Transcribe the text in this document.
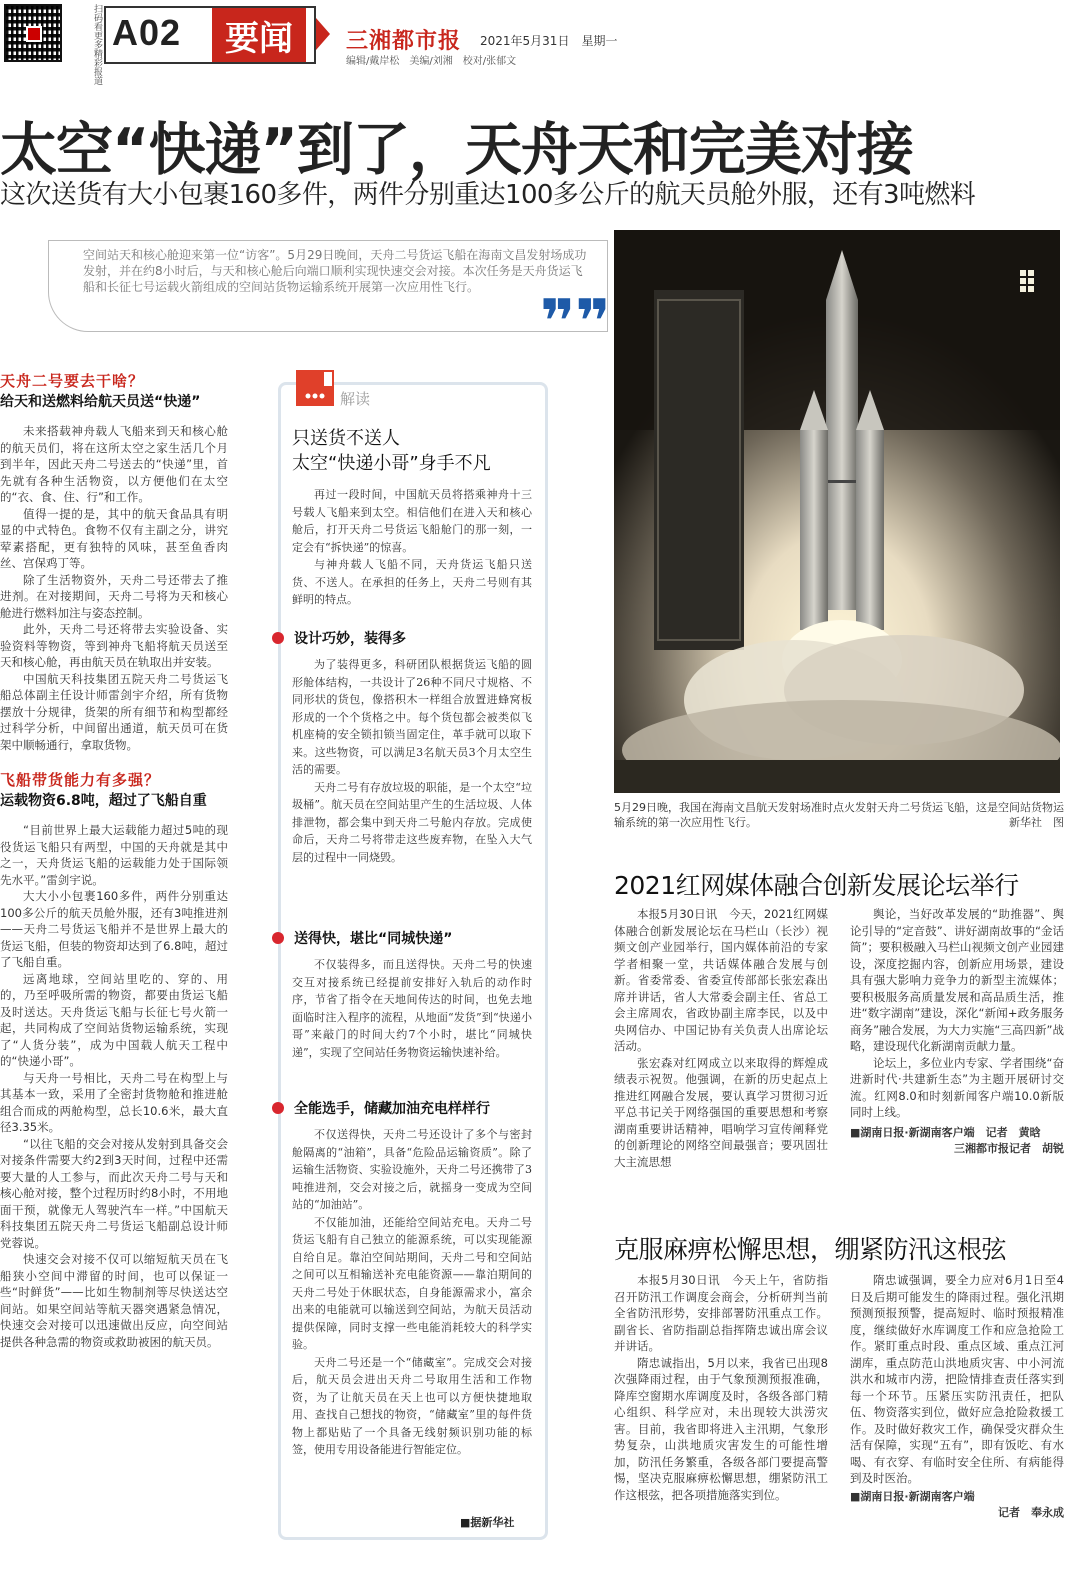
扫码看更多精彩报道 A02	要闻	三湘都市报 2021年5月31日　星期一
编辑/戴岸松　美编/刘湘　校对/张郁文
太空“快递”到了，天舟天和完美对接
这次送货有大小包裹160多件，两件分别重达100多公斤的航天员舱外服，还有3吨燃料
空间站天和核心舱迎来第一位“访客”。5月29日晚间，天舟二号货运飞船在海南文昌发射场成功发射，并在约8小时后，与天和核心舱后向端口顺利实现快速交会对接。本次任务是天舟货运飞船和长征七号运载火箭组成的空间站货物运输系统开展第一次应用性飞行。	❞❞
5月29日晚，我国在海南文昌航天发射场准时点火发射天舟二号货运飞船，这是空间站货物运输系统的第一次应用性飞行。	新华社　图
天舟二号要去干啥？
给天和送燃料给航天员送“快递”

未来搭载神舟载人飞船来到天和核心舱的航天员们，将在这所太空之家生活几个月到半年，因此天舟二号送去的“快递”里，首先就有各种生活物资，以方便他们在太空的“衣、食、住、行”和工作。

值得一提的是，其中的航天食品具有明显的中式特色。食物不仅有主副之分，讲究荤素搭配，更有独特的风味，甚至鱼香肉丝、宫保鸡丁等。

除了生活物资外，天舟二号还带去了推进剂。在对接期间，天舟二号将为天和核心舱进行燃料加注与姿态控制。

此外，天舟二号还将带去实验设备、实验资料等物资，等到神舟飞船将航天员送至天和核心舱，再由航天员在轨取出并安装。

中国航天科技集团五院天舟二号货运飞船总体副主任设计师雷剑宇介绍，所有货物摆放十分规律，货架的所有细节和构型都经过科学分析，中间留出通道，航天员可在货架中顺畅通行，拿取货物。

飞船带货能力有多强？
运载物资6.8吨，超过了飞船自重

“目前世界上最大运载能力超过5吨的现役货运飞船只有两型，中国的天舟就是其中之一，天舟货运飞船的运载能力处于国际领先水平。”雷剑宇说。

大大小小包裹160多件，两件分别重达100多公斤的航天员舱外服，还有3吨推进剂——天舟二号货运飞船并不是世界上最大的货运飞船，但装的物资却达到了6.8吨，超过了飞船自重。

远离地球，空间站里吃的、穿的、用的，乃至呼吸所需的物资，都要由货运飞船及时送达。天舟货运飞船与长征七号火箭一起，共同构成了空间站货物运输系统，实现了“人货分装”，成为中国载人航天工程中的“快递小哥”。

与天舟一号相比，天舟二号在构型上与其基本一致，采用了全密封货物舱和推进舱组合而成的两舱构型，总长10.6米，最大直径3.35米。

“以往飞船的交会对接从发射到具备交会对接条件需要大约2到3天时间，过程中还需要大量的人工参与，而此次天舟二号与天和核心舱对接，整个过程历时约8小时，不用地面干预，就像无人驾驶汽车一样。”中国航天科技集团五院天舟二号货运飞船副总设计师党蓉说。

快速交会对接不仅可以缩短航天员在飞船狭小空间中滞留的时间，也可以保证一些“时鲜货”——比如生物制剂等尽快送达空间站。如果空间站等航天器突遇紧急情况，快速交会对接可以迅速做出反应，向空间站提供各种急需的物资或救助被困的航天员。

解读
只送货不送人
太空“快递小哥”身手不凡

再过一段时间，中国航天员将搭乘神舟十三号载人飞船来到太空。相信他们在进入天和核心舱后，打开天舟二号货运飞船舱门的那一刻，一定会有“拆快递”的惊喜。

与神舟载人飞船不同，天舟货运飞船只送货、不送人。在承担的任务上，天舟二号则有其鲜明的特点。

设计巧妙，装得多

为了装得更多，科研团队根据货运飞船的圆形舱体结构，一共设计了26种不同尺寸规格、不同形状的货包，像搭积木一样组合放置进蜂窝板形成的一个个货格之中。每个货包都会被类似飞机座椅的安全锁扣锁当固定住，革手就可以取下来。这些物资，可以满足3名航天员3个月太空生活的需要。

天舟二号有存放垃圾的职能，是一个太空“垃圾桶”。航天员在空间站里产生的生活垃圾、人体排泄物，都会集中到天舟二号舱内存放。完成使命后，天舟二号将带走这些废弃物，在坠入大气层的过程中一同烧毁。

送得快，堪比“同城快递”

不仅装得多，而且送得快。天舟二号的快速交互对接系统已经提前安排好入轨后的动作时序，节省了指令在天地间传达的时间，也免去地面临时注入程序的流程，从地面“发货”到“快递小哥”来敲门的时间大约7个小时，堪比“同城快递”，实现了空间站任务物资运输快速补给。

全能选手，储藏加油充电样样行

不仅送得快，天舟二号还设计了多个与密封舱隔离的“油箱”，具备“危险品运输资质”。除了运输生活物资、实验设施外，天舟二号还携带了3吨推进剂，交会对接之后，就摇身一变成为空间站的“加油站”。

不仅能加油，还能给空间站充电。天舟二号货运飞船有自己独立的能源系统，可以实现能源自给自足。靠泊空间站期间，天舟二号和空间站之间可以互相输送补充电能资源——靠泊期间的天舟二号处于休眠状态，自身能源需求小，富余出来的电能就可以输送到空间站，为航天员活动提供保障，同时支撑一些电能消耗较大的科学实验。

天舟二号还是一个“储藏室”。完成交会对接后，航天员会进出天舟二号取用生活和工作物资，为了让航天员在天上也可以方便快捷地取用、查找自己想找的物资，“储藏室”里的每件货物上都贴贴了一个具备无线射频识别功能的标签，使用专用设备能进行智能定位。

■据新华社
2021红网媒体融合创新发展论坛举行

本报5月30日讯　今天，2021红网媒体融合创新发展论坛在马栏山（长沙）视频文创产业园举行，国内媒体前沿的专家学者相聚一堂，共话媒体融合发展与创新。省委常委、省委宣传部部长张宏森出席并讲话，省人大常委会副主任、省总工会主席周农，省政协副主席李民，以及中央网信办、中国记协有关负责人出席论坛活动。

张宏森对红网成立以来取得的辉煌成绩表示祝贺。他强调，在新的历史起点上推进红网融合发展，要认真学习贯彻习近平总书记关于网络强国的重要思想和考察湖南重要讲话精神，唱响学习宣传阐释党的创新理论的网络空间最强音；要巩固壮大主流思想

舆论，当好改革发展的“助推器”、舆论引导的“定音鼓”、讲好湖南故事的“金话筒”；要积极融入马栏山视频文创产业园建设，深度挖掘内容，创新应用场景，建设具有强大影响力竞争力的新型主流媒体；要积极服务高质量发展和高品质生活，推进“数字湖南”建设，深化“新闻+政务服务商务”融合发展，为大力实施“三高四新”战略，建设现代化新湖南贡献力量。

论坛上，多位业内专家、学者围绕“奋进新时代·共建新生态”为主题开展研讨交流。红网8.0和时刻新闻客户端10.0新版同时上线。

■湖南日报·新湖南客户端　记者　黄晗
三湘都市报记者　胡锐
克服麻痹松懈思想，绷紧防汛这根弦

本报5月30日讯　今天上午，省防指召开防汛工作调度会商会，分析研判当前全省防汛形势，安排部署防汛重点工作。副省长、省防指副总指挥隋忠诚出席会议并讲话。

隋忠诚指出，5月以来，我省已出现8次强降雨过程，由于气象预测预报准确，降库空窗期水库调度及时，各级各部门精心组织、科学应对，未出现较大洪涝灾害。目前，我省即将进入主汛期，气象形势复杂，山洪地质灾害发生的可能性增加，防汛任务繁重，各级各部门要提高警惕，坚决克服麻痹松懈思想，绷紧防汛工作这根弦，把各项措施落实到位。

隋忠诚强调，要全力应对6月1日至4日及后期可能发生的降雨过程。强化汛期预测预报预警，提高短时、临时预报精准度，继续做好水库调度工作和应急抢险工作。紧盯重点时段、重点区域、重点江河湖库，重点防范山洪地质灾害、中小河流洪水和城市内涝，把险情排查责任落实到每一个环节。压紧压实防汛责任，把队伍、物资落实到位，做好应急抢险救援工作。及时做好救灾工作，确保受灾群众生活有保障，实现“五有”，即有饭吃、有水喝、有衣穿、有临时安全住所、有病能得到及时医治。

■湖南日报·新湖南客户端
记者　奉永成
